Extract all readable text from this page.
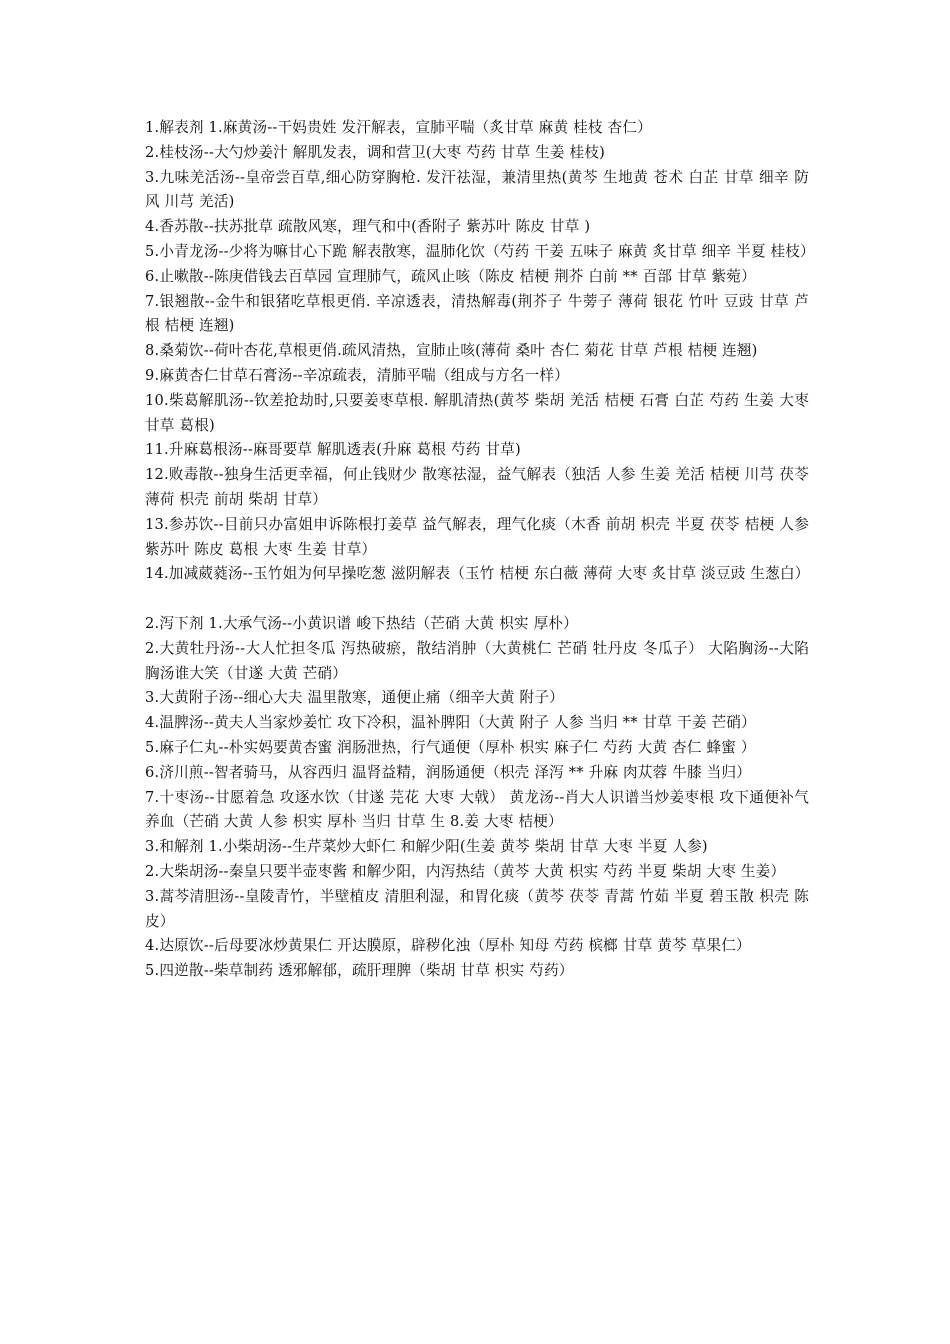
1.解表剂 1.麻黄汤--干妈贵姓 发汗解表，宣肺平喘（炙甘草 麻黄 桂枝 杏仁）

2.桂枝汤--大勺炒姜汁 解肌发表，调和营卫(大枣 芍药 甘草 生姜 桂枝)

3.九味羌活汤--皇帝尝百草,细心防穿胸枪. 发汗祛湿，兼清里热(黄芩 生地黄 苍术 白芷 甘草 细辛 防风 川芎 羌活)

4.香苏散--扶苏批草 疏散风寒，理气和中(香附子 紫苏叶 陈皮 甘草 )

5.小青龙汤--少将为嘛甘心下跪 解表散寒，温肺化饮（芍药 干姜 五味子 麻黄 炙甘草 细辛 半夏 桂枝）

6.止嗽散--陈庚借钱去百草园 宣理肺气，疏风止咳（陈皮 桔梗 荆芥 白前 ** 百部 甘草 紫菀）

7.银翘散--金牛和银猪吃草根更俏. 辛凉透表，清热解毒(荆芥子 牛蒡子 薄荷 银花 竹叶 豆豉 甘草 芦根 桔梗 连翘)

8.桑菊饮--荷叶杏花,草根更俏.疏风清热，宣肺止咳(薄荷 桑叶 杏仁 菊花 甘草 芦根 桔梗 连翘)

9.麻黄杏仁甘草石膏汤--辛凉疏表，清肺平喘（组成与方名一样）

10.柴葛解肌汤--钦差抢劫时,只要姜枣草根. 解肌清热(黄芩 柴胡 羌活 桔梗 石膏 白芷 芍药 生姜 大枣 甘草 葛根)

11.升麻葛根汤--麻哥要草 解肌透表(升麻 葛根 芍药 甘草)

12.败毒散--独身生活更幸福，何止钱财少 散寒祛湿，益气解表（独活 人参 生姜 羌活 桔梗 川芎 茯苓 薄荷 枳壳 前胡 柴胡 甘草）

13.参苏饮--目前只办富姐申诉陈根打姜草 益气解表，理气化痰（木香 前胡 枳壳 半夏 茯苓 桔梗 人参 紫苏叶 陈皮 葛根 大枣 生姜 甘草）

14.加减葳蕤汤--玉竹姐为何早操吃葱 滋阴解表（玉竹 桔梗 东白薇 薄荷 大枣 炙甘草 淡豆豉 生葱白）

2.泻下剂 1.大承气汤--小黄识谱 峻下热结（芒硝 大黄 枳实 厚朴）

2.大黄牡丹汤--大人忙担冬瓜 泻热破瘀，散结消肿（大黄桃仁 芒硝 牡丹皮 冬瓜子） 大陷胸汤--大陷胸汤谁大笑（甘遂 大黄 芒硝）

3.大黄附子汤--细心大夫 温里散寒，通便止痛（细辛大黄 附子）

4.温脾汤--黄夫人当家炒姜忙 攻下冷积，温补脾阳（大黄 附子 人参 当归 ** 甘草 干姜 芒硝）

5.麻子仁丸--朴实妈要黄杏蜜 润肠泄热，行气通便（厚朴 枳实 麻子仁 芍药 大黄 杏仁 蜂蜜 ）

6.济川煎--智者骑马，从容西归 温肾益精，润肠通便（枳壳 泽泻 ** 升麻 肉苁蓉 牛膝 当归）

7.十枣汤--甘愿着急 攻逐水饮（甘遂 芫花 大枣 大戟） 黄龙汤--肖大人识谱当炒姜枣根 攻下通便补气养血（芒硝 大黄 人参 枳实 厚朴 当归 甘草 生 8.姜 大枣 桔梗）

3.和解剂 1.小柴胡汤--生芹菜炒大虾仁 和解少阳(生姜 黄芩 柴胡 甘草 大枣 半夏 人参)

2.大柴胡汤--秦皇只要半壶枣酱 和解少阳，内泻热结（黄芩 大黄 枳实 芍药 半夏 柴胡 大枣 生姜）

3.蒿芩清胆汤--皇陵青竹，半壁植皮 清胆利湿，和胃化痰（黄芩 茯苓 青蒿 竹茹 半夏 碧玉散 枳壳 陈皮）

4.达原饮--后母要冰炒黄果仁 开达膜原，辟秽化浊（厚朴 知母 芍药 槟榔 甘草 黄芩 草果仁）

5.四逆散--柴草制药 透邪解郁，疏肝理脾（柴胡 甘草 枳实 芍药）
